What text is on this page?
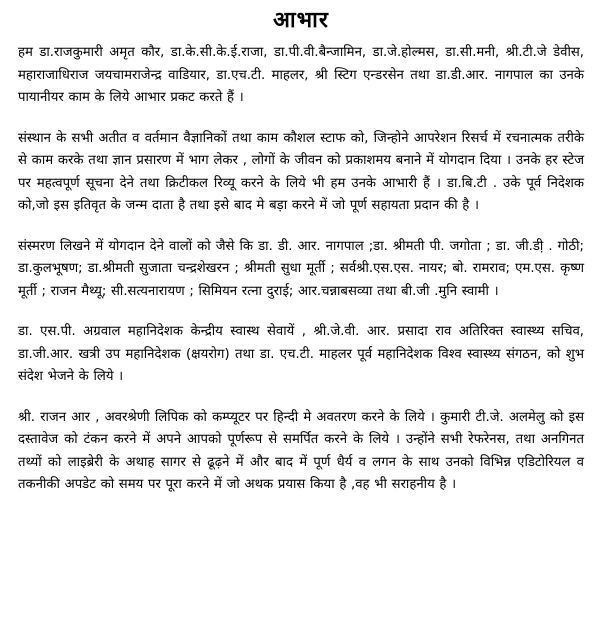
आभार

हम डा.राजकुमारी अमृत कौर, डा.के.सी.के.ई.राजा, डा.पी.वी.बैन्जामिन, डा.जे.होल्मस, डा.सी.मनी, श्री.टी.जे डेवीस, महाराजाधिराज जयचामराजेन्द्र वाडियार, डा.एच.टी. माहलर, श्री स्टिग एन्डरसेन तथा डा.डी.आर. नागपाल का उनके पायानीयर काम के लिये आभार प्रकट करते हैं ।

संस्थान के सभी अतीत व वर्तमान वैज्ञानिकों तथा काम कौशल स्टाफ को, जिन्होने आपरेशन रिसर्च में रचनात्मक तरीके से काम करके तथा ज्ञान प्रसारण में भाग लेकर , लोगों के जीवन को प्रकाशमय बनाने में योगदान दिया । उनके हर स्टेज पर महत्वपूर्ण सूचना देने तथा क्रिटीकल रिव्यू करने के लिये भी हम उनके आभारी हैं । डा.बि.टी . उके पूर्व निदेशक को,जो इस इतिवृत के जन्म दाता है तथा इसे बाद मे बड़ा करने में जो पूर्ण सहायता प्रदान की है ।

संस्मरण लिखने में योगदान देने वालों को जैसे कि डा. डी. आर. नागपाल ;डा. श्रीमती पी. जगोता ; डा. जी.डी़ . गोठी; डा.कुलभूषण; डा.श्रीमती सुजाता चन्द्रशेखरन ; श्रीमती सुधा मूर्ती ; सर्वश्री.एस.एस. नायर; बो. रामराव; एम.एस. कृष्ण मूर्ती ; राजन मैथ्यू; सी.सत्यनारायण ; सिमियन रत्ना दुराई; आर.चन्नाबसव्या तथा बी.जी .मुनि स्वामी ।

डा. एस.पी. अग्रवाल महानिदेशक केन्द्रीय स्वास्थ सेवायें , श्री.जे.वी. आर. प्रसादा राव अतिरिक्त स्वास्थ्य सचिव, डा.जी.आर. खत्री उप महानिदेशक (क्षयरोग) तथा डा. एच.टी. माहलर पूर्व महानिदेशक विश्व स्वास्थ्य संगठन, को शुभ संदेश भेजने के लिये ।

श्री. राजन आर , अवरश्रेणी लिपिक को कम्प्यूटर पर हिन्दी मे अवतरण करने के लिये । कुमारी टी.जे. अलमेलु को इस दस्तावेज को टंकन करने में अपने आपको पूर्णरूप से समर्पित करने के लिये । उन्होंने सभी रेफरेनस, तथा अनगिनत तथ्यों को लाइब्रेरी के अथाह सागर से ढूढ़ने में और बाद में पूर्ण धैर्य व लगन के साथ उनको विभिन्न एडिटोरियल व तकनीकी अपडेट को समय पर पूरा करने में जो अथक प्रयास किया है ,वह भी सराहनीय है ।
